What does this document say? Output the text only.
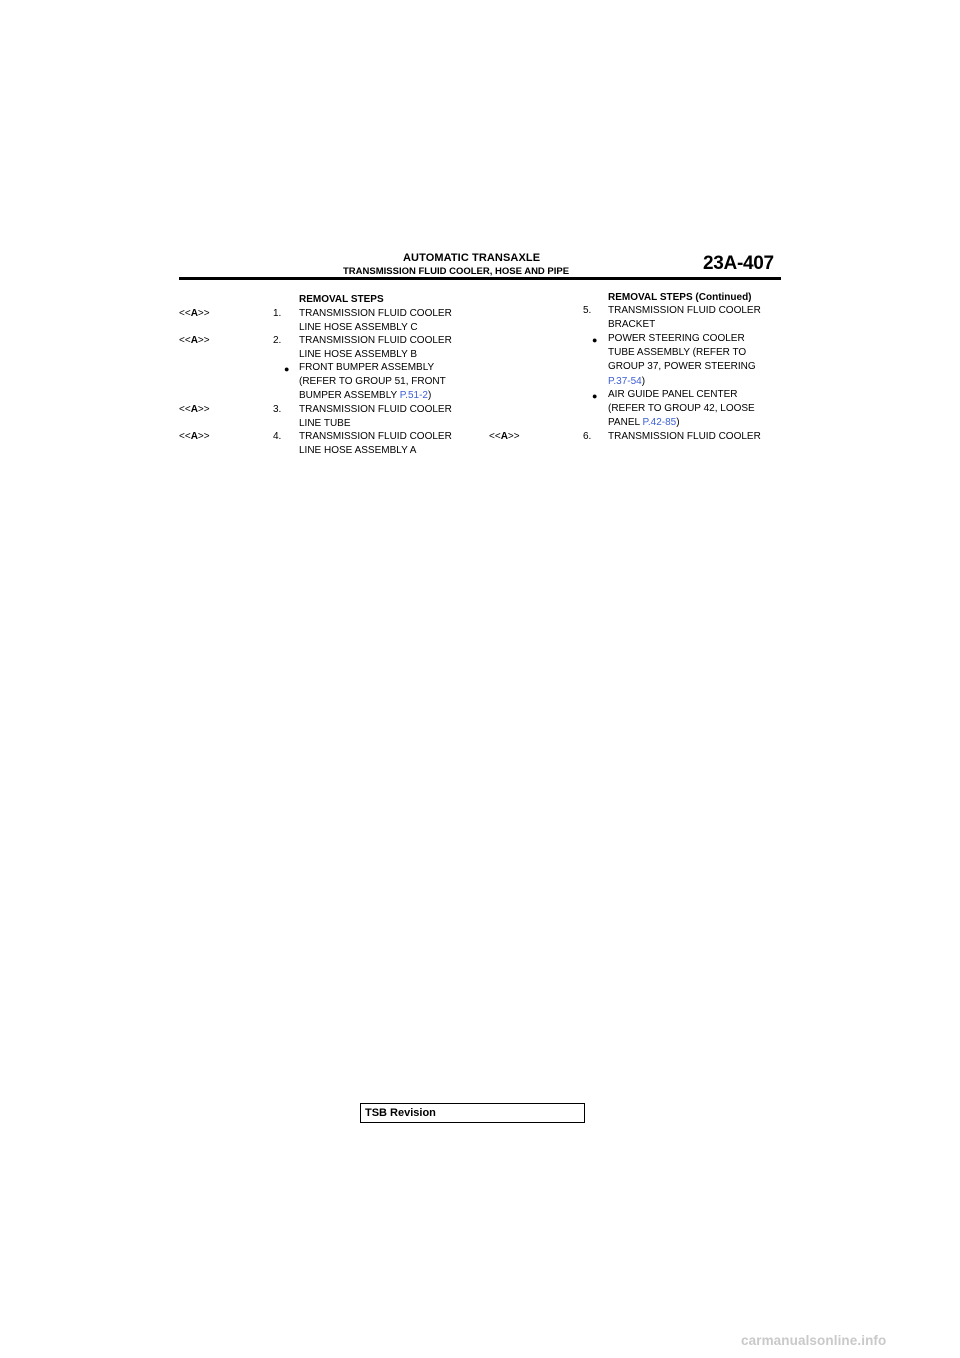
AUTOMATIC TRANSAXLE
TRANSMISSION FLUID COOLER, HOSE AND PIPE	23A-407
REMOVAL STEPS
<<A>>	1. TRANSMISSION FLUID COOLER
LINE HOSE ASSEMBLY C
<<A>>	2. TRANSMISSION FLUID COOLER
LINE HOSE ASSEMBLY B
● FRONT BUMPER ASSEMBLY
(REFER TO GROUP 51, FRONT
BUMPER ASSEMBLY P.51-2)
<<A>>	3. TRANSMISSION FLUID COOLER
LINE TUBE
<<A>>	4. TRANSMISSION FLUID COOLER
LINE HOSE ASSEMBLY A
REMOVAL STEPS (Continued)
5. TRANSMISSION FLUID COOLER
BRACKET
● POWER STEERING COOLER
TUBE ASSEMBLY (REFER TO
GROUP 37, POWER STEERING
P.37-54)
● AIR GUIDE PANEL CENTER
(REFER TO GROUP 42, LOOSE
PANEL P.42-85)
<<A>>	6. TRANSMISSION FLUID COOLER
TSB Revision
carmanualsonline.info
